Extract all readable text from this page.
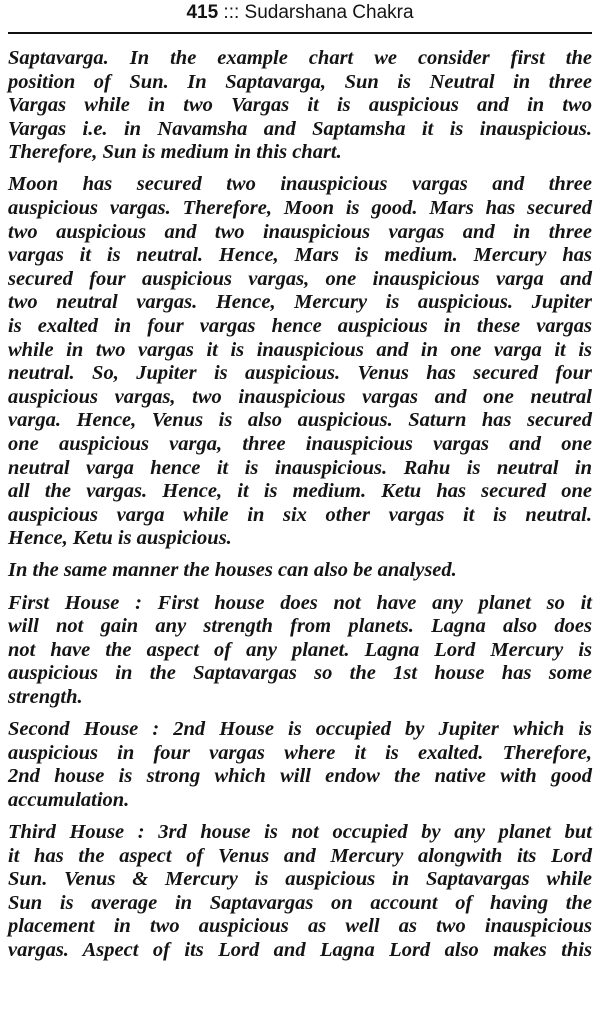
415 ::: Sudarshana Chakra
Saptavarga. In the example chart we consider first the
position of Sun. In Saptavarga, Sun is Neutral in three
Vargas while in two Vargas it is auspicious and in two
Vargas i.e. in Navamsha and Saptamsha it is inauspicious.
Therefore, Sun is medium in this chart.
Moon has secured two inauspicious vargas and three
auspicious vargas. Therefore, Moon is good. Mars has secured
two auspicious and two inauspicious vargas and in three
vargas it is neutral. Hence, Mars is medium. Mercury has
secured four auspicious vargas, one inauspicious varga and
two neutral vargas. Hence, Mercury is auspicious. Jupiter
is exalted in four vargas hence auspicious in these vargas
while in two vargas it is inauspicious and in one varga it is
neutral. So, Jupiter is auspicious. Venus has secured four
auspicious vargas, two inauspicious vargas and one neutral
varga. Hence, Venus is also auspicious. Saturn has secured
one auspicious varga, three inauspicious vargas and one
neutral varga hence it is inauspicious. Rahu is neutral in
all the vargas. Hence, it is medium. Ketu has secured one
auspicious varga while in six other vargas it is neutral.
Hence, Ketu is auspicious.
In the same manner the houses can also be analysed.
First House : First house does not have any planet so it
will not gain any strength from planets. Lagna also does
not have the aspect of any planet. Lagna Lord Mercury is
auspicious in the Saptavargas so the 1st house has some
strength.
Second House : 2nd House is occupied by Jupiter which is
auspicious in four vargas where it is exalted. Therefore,
2nd house is strong which will endow the native with good
accumulation.
Third House : 3rd house is not occupied by any planet but
it has the aspect of Venus and Mercury alongwith its Lord
Sun. Venus & Mercury is auspicious in Saptavargas while
Sun is average in Saptavargas on account of having the
placement in two auspicious as well as two inauspicious
vargas. Aspect of its Lord and Lagna Lord also makes this
